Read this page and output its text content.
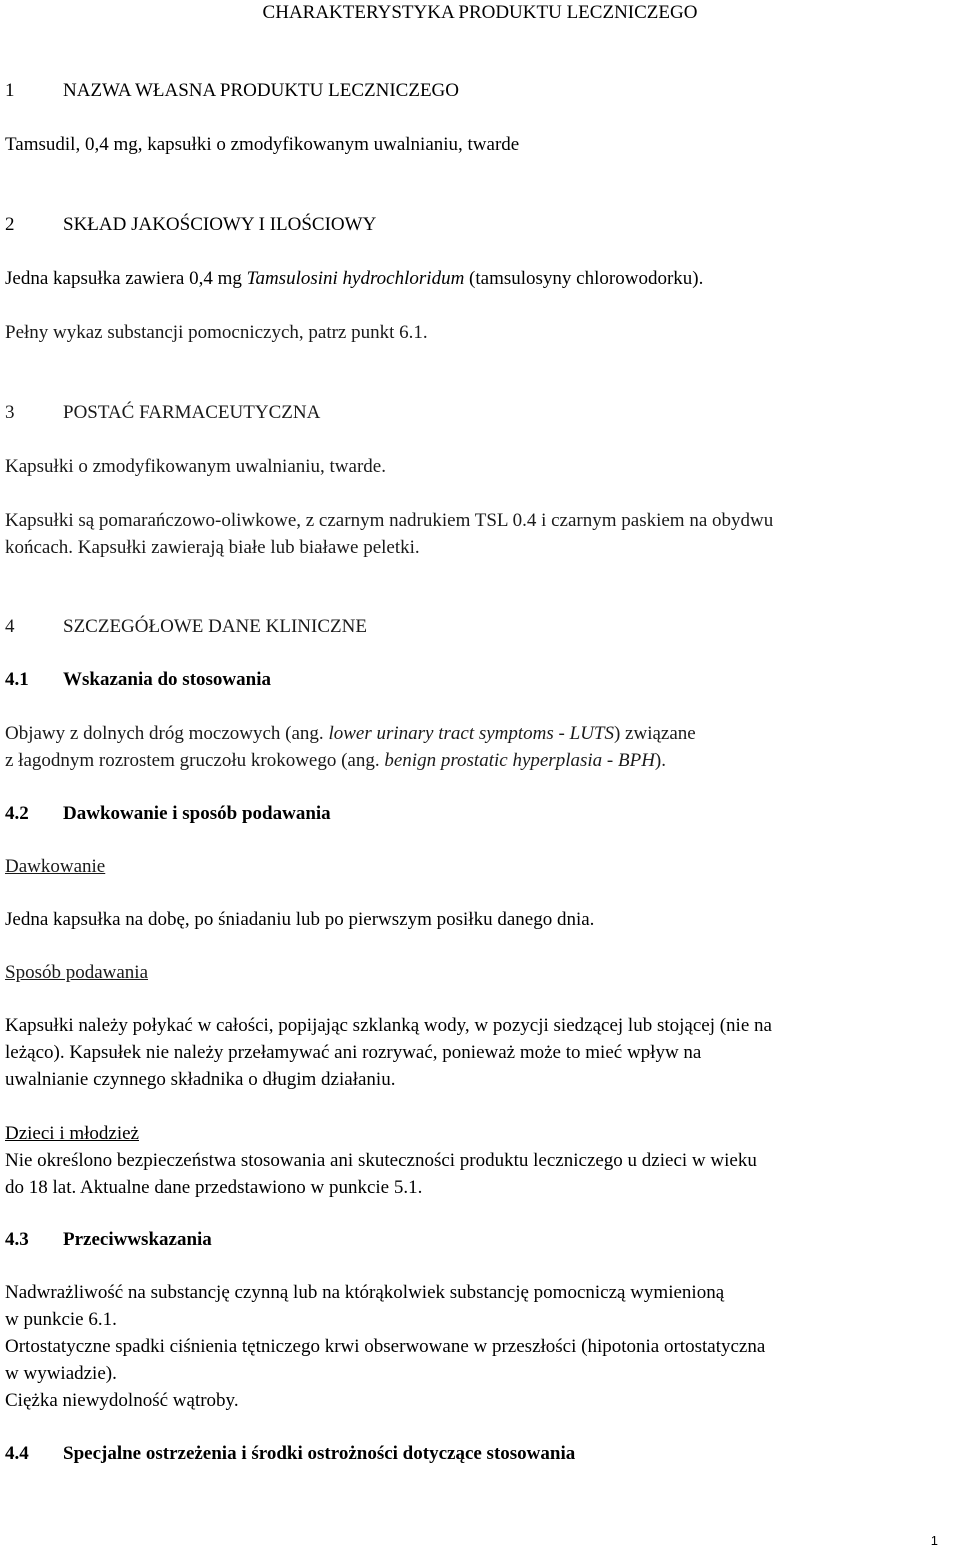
CHARAKTERYSTYKA PRODUKTU LECZNICZEGO
1	NAZWA WŁASNA PRODUKTU LECZNICZEGO
Tamsudil, 0,4 mg, kapsułki o zmodyfikowanym uwalnianiu, twarde
2	SKŁAD JAKOŚCIOWY I ILOŚCIOWY
Jedna kapsułka zawiera 0,4 mg Tamsulosini hydrochloridum (tamsulosyny chlorowodorku).
Pełny wykaz substancji pomocniczych, patrz punkt 6.1.
3	POSTAĆ FARMACEUTYCZNA
Kapsułki o zmodyfikowanym uwalnianiu, twarde.
Kapsułki są pomarańczowo-oliwkowe, z czarnym nadrukiem TSL 0.4 i czarnym paskiem na obydwu
końcach. Kapsułki zawierają białe lub białawe peletki.
4	SZCZEGÓŁOWE DANE KLINICZNE
4.1 Wskazania do stosowania
Objawy z dolnych dróg moczowych (ang. lower urinary tract symptoms - LUTS) związane
z łagodnym rozrostem gruczołu krokowego (ang. benign prostatic hyperplasia - BPH).
4.2 Dawkowanie i sposób podawania
Dawkowanie
Jedna kapsułka na dobę, po śniadaniu lub po pierwszym posiłku danego dnia.
Sposób podawania
Kapsułki należy połykać w całości, popijając szklanką wody, w pozycji siedzącej lub stojącej (nie na
leżąco). Kapsułek nie należy przełamywać ani rozrywać, ponieważ może to mieć wpływ na
uwalnianie czynnego składnika o długim działaniu.
Dzieci i młodzież
Nie określono bezpieczeństwa stosowania ani skuteczności produktu leczniczego u dzieci w wieku
do 18 lat. Aktualne dane przedstawiono w punkcie 5.1.
4.3 Przeciwwskazania
Nadwrażliwość na substancję czynną lub na którąkolwiek substancję pomocniczą wymienioną
w punkcie 6.1.
Ortostatyczne spadki ciśnienia tętniczego krwi obserwowane w przeszłości (hipotonia ortostatyczna
w wywiadzie).
Ciężka niewydolność wątroby.
4.4 Specjalne ostrzeżenia i środki ostrożności dotyczące stosowania
1
